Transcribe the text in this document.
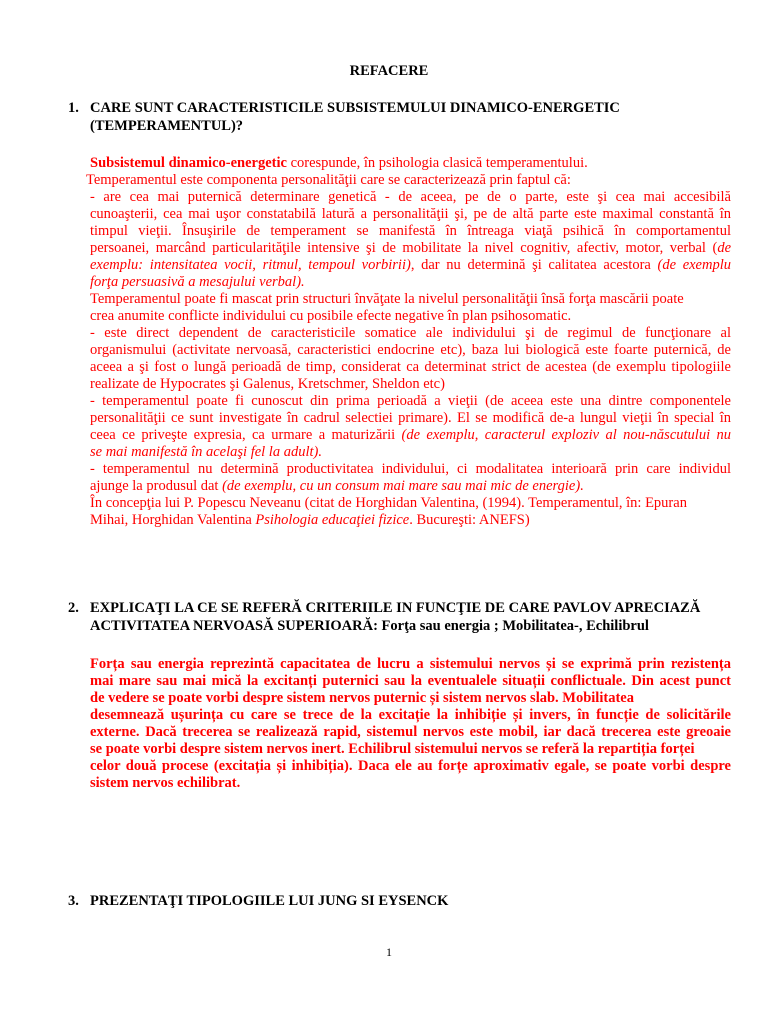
REFACERE
1. CARE SUNT CARACTERISTICILE SUBSISTEMULUI DINAMICO-ENERGETIC
(TEMPERAMENTUL)?
Subsistemul dinamico-energetic corespunde, în psihologia clasică temperamentului.
Temperamentul este componenta personalităţii care se caracterizează prin faptul că:
- are cea mai puternică determinare genetică - de aceea, pe de o parte, este şi cea mai accesibilă
cunoaşterii, cea mai uşor constatabilă latură a personalităţii şi, pe de altă parte este maximal constantă în
timpul vieţii. Însuşirile de temperament se manifestă în întreaga viaţă psihică în comportamentul
persoanei, marcând particularităţile intensive şi de mobilitate la nivel cognitiv, afectiv, motor, verbal (de
exemplu: intensitatea vocii, ritmul, tempoul vorbirii), dar nu determină şi calitatea acestora (de exemplu
forţa persuasivă a mesajului verbal).
Temperamentul poate fi mascat prin structuri învăţate la nivelul personalităţii însă forţa mascării poate
crea anumite conflicte individului cu posibile efecte negative în plan psihosomatic.
- este direct dependent de caracteristicile somatice ale individului şi de regimul de funcţionare al
organismului (activitate nervoasă, caracteristici endocrine etc), baza lui biologică este foarte puternică, de
aceea a şi fost o lungă perioadă de timp, considerat ca determinat strict de acestea (de exemplu tipologiile
realizate de Hypocrates şi Galenus, Kretschmer, Sheldon etc)
- temperamentul poate fi cunoscut din prima perioadă a vieţii (de aceea este una dintre componentele
personalităţii ce sunt investigate în cadrul selectiei primare). El se modifică de-a lungul vieţii în special în
ceea ce priveşte expresia, ca urmare a maturizării (de exemplu, caracterul exploziv al nou-născutului nu
se mai manifestă în acelaşi fel la adult).
- temperamentul nu determină productivitatea individului, ci modalitatea interioară prin care individul
ajunge la produsul dat (de exemplu, cu un consum mai mare sau mai mic de energie).
În concepţia lui P. Popescu Neveanu (citat de Horghidan Valentina, (1994). Temperamentul, în: Epuran
Mihai, Horghidan Valentina Psihologia educaţiei fizice. Bucureşti: ANEFS)
2. EXPLICAŢI LA CE SE REFERĂ CRITERIILE IN FUNCŢIE DE CARE PAVLOV APRECIAZĂ
ACTIVITATEA NERVOASĂ SUPERIOARĂ: Forţa sau energia ; Mobilitatea-, Echilibrul
Forța sau energia reprezintă capacitatea de lucru a sistemului nervos și se exprimă prin rezistența
mai mare sau mai mică la excitanți puternici sau la eventualele situații conflictuale. Din acest punct
de vedere se poate vorbi despre sistem nervos puternic și sistem nervos slab. Mobilitatea
desemnează ușurința cu care se trece de la excitație la inhibiție și invers, în funcție de solicitările
externe. Dacă trecerea se realizează rapid, sistemul nervos este mobil, iar dacă trecerea este greoaie
se poate vorbi despre sistem nervos inert. Echilibrul sistemului nervos se referă la repartiția forței
celor două procese (excitația și inhibiția). Daca ele au forțe aproximativ egale, se poate vorbi despre
sistem nervos echilibrat.
3. PREZENTAŢI TIPOLOGIILE LUI JUNG SI EYSENCK
1
